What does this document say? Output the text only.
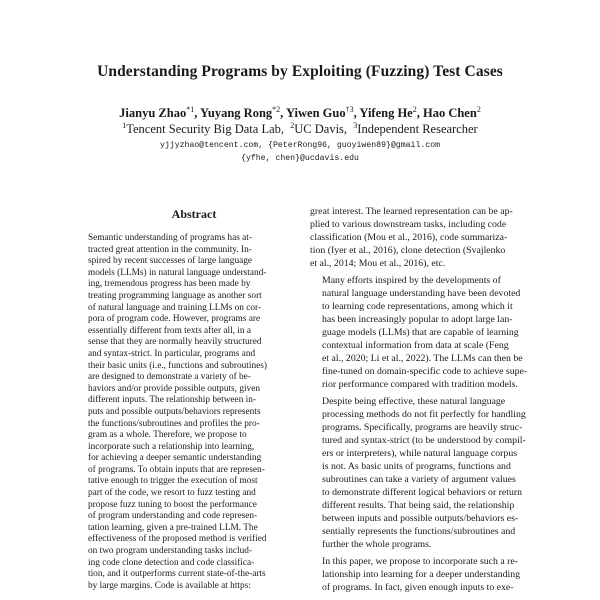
Understanding Programs by Exploiting (Fuzzing) Test Cases
Jianyu Zhao$^{*1}$, Yuyang Rong$^{*2}$, Yiwen Guo$^{\dagger 3}$, Yifeng He$^2$, Hao Chen$^2$
$^1$Tencent Security Big Data Lab, $^2$UC Davis, $^3$Independent Researcher
yjjyzhao@tencent.com, {PeterRong96, guoyiwen89}@gmail.com
{yfhe, chen}@ucdavis.edu
Abstract
Semantic understanding of programs has at-
tracted great attention in the community. In-
spired by recent successes of large language
models (LLMs) in natural language understand-
ing, tremendous progress has been made by
treating programming language as another sort
of natural language and training LLMs on cor-
pora of program code. However, programs are
essentially different from texts after all, in a
sense that they are normally heavily structured
and syntax-strict. In particular, programs and
their basic units (i.e., functions and subroutines)
are designed to demonstrate a variety of be-
haviors and/or provide possible outputs, given
different inputs. The relationship between in-
puts and possible outputs/behaviors represents
the functions/subroutines and profiles the pro-
gram as a whole. Therefore, we propose to
incorporate such a relationship into learning,
for achieving a deeper semantic understanding
of programs. To obtain inputs that are represen-
tative enough to trigger the execution of most
part of the code, we resort to fuzz testing and
propose fuzz tuning to boost the performance
of program understanding and code represen-
tation learning, given a pre-trained LLM. The
effectiveness of the proposed method is verified
on two program understanding tasks includ-
ing code clone detection and code classifica-
tion, and it outperforms current state-of-the-arts
by large margins. Code is available at https:

great interest. The learned representation can be ap-
plied to various downstream tasks, including code
classification (Mou et al., 2016), code summariza-
tion (Iyer et al., 2016), clone detection (Svajlenko
et al., 2014; Mou et al., 2016), etc.

Many efforts inspired by the developments of
natural language understanding have been devoted
to learning code representations, among which it
has been increasingly popular to adopt large lan-
guage models (LLMs) that are capable of learning
contextual information from data at scale (Feng
et al., 2020; Li et al., 2022). The LLMs can then be
fine-tuned on domain-specific code to achieve supe-
rior performance compared with tradition models.

Despite being effective, these natural language
processing methods do not fit perfectly for handling
programs. Specifically, programs are heavily struc-
tured and syntax-strict (to be understood by compil-
ers or interpreters), while natural language corpus
is not. As basic units of programs, functions and
subroutines can take a variety of argument values
to demonstrate different logical behaviors or return
different results. That being said, the relationship
between inputs and possible outputs/behaviors es-
sentially represents the functions/subroutines and
further the whole programs.

In this paper, we propose to incorporate such a re-
lationship into learning for a deeper understanding
of programs. In fact, given enough inputs to exe-
